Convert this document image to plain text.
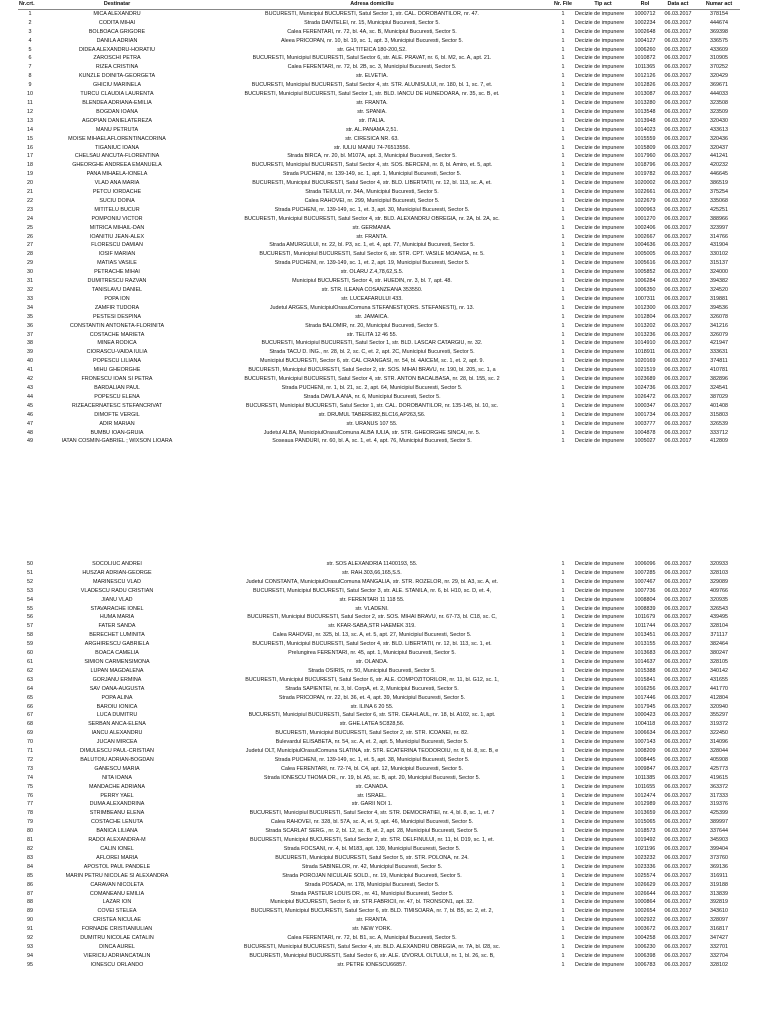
Nr.crt.	Destinatar	Adresa domiciliu	Nr. File	Tip act	Rol	Data act	Numar act
1	MICA ALEXANDRU	BUCURESTI, Municipiul BUCURESTI, Satul Sector 1, str. CAL. DOROBANTILOR, nr. 47.	1	Decizie de impunere	1000712	06.03.2017	378154
2	CODITA MIHAI	Strada DANTELEI, nr. 15, Municipiul Bucuresti, Sector 5.	1	Decizie de impunere	1002234	06.03.2017	444674
3	BOLBOACA GRIGORE	Calea FERENTARI, nr. 72, bl. 4A, sc. B, Municipiul Bucuresti, Sector 5.	1	Decizie de impunere	1002648	06.03.2017	369398
4	DANILA ADRIAN	Aleea PRICOPAN, nr. 10, bl. 19, sc. 1, apt. 3, Municipiul Bucuresti, Sector 5.	1	Decizie de impunere	1004127	06.03.2017	336575
5	DIDEA ALEXANDRU-HORATIU	str. GH.TITEICA 180-200,S2.	1	Decizie de impunere	1006260	06.03.2017	433609
6	ZAROSCHI PETRA	BUCURESTI, Municipiul BUCURESTI, Satul Sector 6, str. ALE. PRAVAT, nr. 6, bl. M2, sc. A, apt. 21.	1	Decizie de impunere	1010872	06.03.2017	310905
7	RIZEA CRISTINA	Calea FERENTARI, nr. 72, bl. 2B, sc. 3, Municipiul Bucuresti, Sector 5.	1	Decizie de impunere	1011365	06.03.2017	370252
8	KUNZLE DOINITA-GEORGETA	str. ELVETIA.	1	Decizie de impunere	1012126	06.03.2017	320429
9	GHICIU MARINELA	BUCURESTI, Municipiul BUCURESTI, Satul Sector 4, str. STR. ALUNISULUI, nr. 180, bl. 1, sc. 7, et.	1	Decizie de impunere	1012826	06.03.2017	369671
10	TURCU CLAUDIA LAURENTA	BUCURESTI, Municipiul BUCURESTI, Satul Sector 1, str. BLD. IANCU DE HUNEDOARA, nr. 35, sc. B, et.	1	Decizie de impunere	1013087	06.03.2017	444033
11	BLENDEA ADRIANA-EMILIA	str. FRANTA.	1	Decizie de impunere	1013280	06.03.2017	323508
12	BOGDAN IOANA	str. SPANIA.	1	Decizie de impunere	1013548	06.03.2017	323509
13	AGOPIAN DANIELATEREZA	str. ITALIA.	1	Decizie de impunere	1013948	06.03.2017	320430
14	MANU PETRUTA	str. AL.PANAMA 2,51.	1	Decizie de impunere	1014023	06.03.2017	433613
15	MOISE MIHAELAFLORENTINACORINA	str. CIRESICA NR. 63.	1	Decizie de impunere	1015559	06.03.2017	320436
16	TIGANIUC IOANA	str. IULIU MANIU 74-76513556.	1	Decizie de impunere	1015809	06.03.2017	320437
17	CHELSAU ANCUTA-FLORENTINA	Strada BIRCA, nr. 20, bl. M107A, apt. 3, Municipiul Bucuresti, Sector 5.	1	Decizie de impunere	1017960	06.03.2017	441241
18	GHEORGHE ANDREEA EMANUELA	BUCURESTI, Municipiul BUCURESTI, Satul Sector 4, str. SOS. BERCENI, nr. 8, bl. Amiro, et. 5, apt.	1	Decizie de impunere	1018796	06.03.2017	420232
19	PANA MIHAELA-IONELA	Strada PUCHENI, nr. 139-149, sc. 1, apt. 1, Municipiul Bucuresti, Sector 5.	1	Decizie de impunere	1019782	06.03.2017	446645
20	VLAD ANA MARIA	BUCURESTI, Municipiul BUCURESTI, Satul Sector 4, str. BLD. LIBERTATII, nr. 12, bl. 113, sc. A, et.	1	Decizie de impunere	1020002	06.03.2017	386519
21	PETCU IORDACHE	Strada TEIULUI, nr. 34A, Municipiul Bucuresti, Sector 5.	1	Decizie de impunere	1022661	06.03.2017	375254
22	SUCIU DOINA	Calea RAHOVEI, nr. 299, Municipiul Bucuresti, Sector 5.	1	Decizie de impunere	1022679	06.03.2017	335068
23	MITITELU BUCUR	Strada PUCHENI, nr. 139-149, sc. 1, et. 3, apt. 30, Municipiul Bucuresti, Sector 5.	1	Decizie de impunere	1000963	06.03.2017	425251
24	POMPONIU VICTOR	BUCURESTI, Municipiul BUCURESTI, Satul Sector 4, str. BLD. ALEXANDRU OBREGIA, nr. 2A, bl. 2A, sc.	1	Decizie de impunere	1001270	06.03.2017	388966
25	MITRICA MIHAIL-DAN	str. GERMANIA.	1	Decizie de impunere	1002406	06.03.2017	323997
26	IOANITIU JEAN-ALEX	str. FRANTA.	1	Decizie de impunere	1002667	06.03.2017	314766
27	FLORESCU DAMIAN	Strada AMURGULUI, nr. 22, bl. P3, sc. 1, et. 4, apt. 77, Municipiul Bucuresti, Sector 5.	1	Decizie de impunere	1004636	06.03.2017	431904
28	IOSIF MARIAN	BUCURESTI, Municipiul BUCURESTI, Satul Sector 6, str. STR. CPT. VASILE MOANGA, nr. 5.	1	Decizie de impunere	1005005	06.03.2017	330102
29	MATIAS VASILE	Strada PUCHENI, nr. 139-149, sc. 1, et. 2, apt. 19, Municipiul Bucuresti, Sector 5.	1	Decizie de impunere	1005616	06.03.2017	315137
30	PETRACHE MIHAI	str. OLARU Z.4,78,62,S.5.	1	Decizie de impunere	1005852	06.03.2017	324000
31	DUMITRESCU RAZVAN	Municipiul BUCURESTI, Sector 4, str. HUEDIN, nr. 3, bl. 7, apt. 48.	1	Decizie de impunere	1006284	06.03.2017	394382
32	TANISLAVU DANIEL	str. STR. ILEANA COSANZEANA 353550.	1	Decizie de impunere	1006350	06.03.2017	324520
33	POPA ION	str. LUCEAFARULUI 433.	1	Decizie de impunere	1007311	06.03.2017	319881
34	ZAMFIR TUDORA	Judetul ARGES, MunicipiulOrasulComuna STEFANESTI(ORS. STEFANESTI), nr. 13.	1	Decizie de impunere	1012300	06.03.2017	394536
35	PESTESI DESPINA	str. JAMAICA.	1	Decizie de impunere	1012804	06.03.2017	326078
36	CONSTANTIN ANTONETA-FLORINITA	Strada BALOMIR, nr. 20, Municipiul Bucuresti, Sector 5.	1	Decizie de impunere	1013202	06.03.2017	341216
37	COSTACHE MARIETA	str. TELITA 12 46 55.	1	Decizie de impunere	1013236	06.03.2017	326079
38	MINEA RODICA	BUCURESTI, Municipiul BUCURESTI, Satul Sector 1, str. BLD. LASCAR CATARGIU, nr. 32.	1	Decizie de impunere	1014910	06.03.2017	421947
39	CIORASCU-VAIDA IULIA	Strada TACU D. ING., nr. 28, bl. 2, sc. C, et. 2, apt. 2C, Municipiul Bucuresti, Sector 5.	1	Decizie de impunere	1018911	06.03.2017	333631
40	POPESCU LILIANA	Municipiul BUCURESTI, Sector 6, str. CAL CRANGASI, nr. 54, bl. 4AICEM, sc. 1, et. 2, apt. 9.	1	Decizie de impunere	1020169	06.03.2017	374811
41	MIHU GHEORGHE	BUCURESTI, Municipiul BUCURESTI, Satul Sector 2, str. SOS. MIHAI BRAVU, nr. 190, bl. 205, sc. 1, a	1	Decizie de impunere	1021519	06.03.2017	410781
42	FRONESCU IOAN SI PETRA	BUCURESTI, Municipiul BUCURESTI, Satul Sector 4, str. STR. ANTON BACALBASA, nr. 28, bl. 155, sc. 2	1	Decizie de impunere	1023689	06.03.2017	382896
43	BARDALIAN PAUL	Strada PUCHENI, nr. 1, bl. 21, sc. 2, apt. 64, Municipiul Bucuresti, Sector 5.	1	Decizie de impunere	1024736	06.03.2017	324541
44	POPESCU ELENA	Strada DAVILA ANA, nr. 6, Municipiul Bucuresti, Sector 5.	1	Decizie de impunere	1026472	06.03.2017	387029
45	RIZEACERNATESC STEFANCRIVAT	BUCURESTI, Municipiul BUCURESTI, Satul Sector 1, str. CAL. DOROBANTILOR, nr. 135-145, bl. 10, sc.	1	Decizie de impunere	1000347	06.03.2017	401408
46	DIMOFTE VERGIL	str. DRUMUL TABEREI82,BLC16,AP263,S6.	1	Decizie de impunere	1001734	06.03.2017	315803
47	ADIR MARIAN	str. URANUS 107 55.	1	Decizie de impunere	1003777	06.03.2017	326539
48	BUMBU IOAN-GRUIA	Judetul ALBA, MunicipiulOrasulComuna ALBA IULIA, str. STR. GHEORGHE SINCAI, nr. 5.	1	Decizie de impunere	1004878	06.03.2017	333712
49	IATAN COSMIN-GABRIEL ; WIXSON LIOARA	Soseaua PANDURI, nr. 60, bl. A, sc. 1, et. 4, apt. 76, Municipiul Bucuresti, Sector 5.	1	Decizie de impunere	1005027	06.03.2017	412809
50	SOCOLIUC ANDREI	str. SOS ALEXANDRIA 11400193, 55.	1	Decizie de impunere	1006096	06.03.2017	320933
51	HUSZAR ADRIAN-GEORGE	str. RAH.303,66,165,S.5.	1	Decizie de impunere	1007285	06.03.2017	328103
52	MARINESCU VLAD	Judetul CONSTANTA, MunicipiulOrasulComuna MANGALIA, str. STR. ROZELOR, nr. 29, bl. A3, sc. A, et.	1	Decizie de impunere	1007467	06.03.2017	329089
53	VLADESCU RADU CRISTIAN	BUCURESTI, Municipiul BUCURESTI, Satul Sector 3, str. ALE. STANILA, nr. 6, bl. H10, sc. D, et. 4,	1	Decizie de impunere	1007736	06.03.2017	409766
54	JIANU VLAD	str. FERENTARI 11 118 55.	1	Decizie de impunere	1008804	06.03.2017	320935
55	STAVARACHE IONEL	str. VLADENI.	1	Decizie de impunere	1008839	06.03.2017	326543
56	HUMA MARIA	BUCURESTI, Municipiul BUCURESTI, Satul Sector 2, str. SOS. MIHAI BRAVU, nr. 67-73, bl. C18, sc. C,	1	Decizie de impunere	1011679	06.03.2017	439495
57	FATER SANDA	str. KFAR-SABA,STR HAEMEK 319.	1	Decizie de impunere	1011744	06.03.2017	328104
58	BERECHET LUMINITA	Calea RAHOVEI, nr. 325, bl. 13, sc. A, et. 5, apt. 27, Municipiul Bucuresti, Sector 5.	1	Decizie de impunere	1013451	06.03.2017	371117
59	ARGHIRESCU GABRIELA	BUCURESTI, Municipiul BUCURESTI, Satul Sector 4, str. BLD. LIBERTATII, nr. 12, bl. 113, sc. 1, et.	1	Decizie de impunere	1013155	06.03.2017	382464
60	BOACA CAMELIA	Prelungirea FERENTARI, nr. 45, apt. 1, Municipiul Bucuresti, Sector 5.	1	Decizie de impunere	1013683	06.03.2017	380247
61	SIMION CARMENSIMONA	str. OLANDA.	1	Decizie de impunere	1014637	06.03.2017	328105
62	LUPAN MAGDALENA	Strada OSIRIS, nr. 50, Municipiul Bucuresti, Sector 5.	1	Decizie de impunere	1015388	06.03.2017	340142
63	GORJANU ERMINA	BUCURESTI, Municipiul BUCURESTI, Satul Sector 6, str. ALE. COMPOZITORILOR, nr. 11, bl. G12, sc. 1,	1	Decizie de impunere	1015841	06.03.2017	431655
64	SAV OANA-AUGUSTA	Strada SAPIENTEI, nr. 3, bl. CorpA, et. 2, Municipiul Bucuresti, Sector 5.	1	Decizie de impunere	1016256	06.03.2017	441770
65	POPA ALINA	Strada PRICOPAN, nr. 22, bl. 36, et. 4, apt. 39, Municipiul Bucuresti, Sector 5.	1	Decizie de impunere	1017446	06.03.2017	412804
66	BAROIU IONICA	str. ILINA 6 20 55.	1	Decizie de impunere	1017945	06.03.2017	320940
67	LUCA DUMITRU	BUCURESTI, Municipiul BUCURESTI, Satul Sector 6, str. STR. CEAHLAUL, nr. 18, bl. A102, sc. 1, apt.	1	Decizie de impunere	1000423	06.03.2017	355297
68	SERBAN ANCA-ELENA	str. GHE.LATEA 5C828,56.	1	Decizie de impunere	1004118	06.03.2017	319372
69	IANCU ALEXANDRU	BUCURESTI, Municipiul BUCURESTI, Satul Sector 2, str. STR. ICOANEI, nr. 82.	1	Decizie de impunere	1006634	06.03.2017	322450
70	JUCAN MIRCEA	Bulevardul ELISABETA, nr. 54, sc. A, et. 2, apt. 5, Municipiul Bucuresti, Sector 5.	1	Decizie de impunere	1007143	06.03.2017	314096
71	DIMULESCU PAUL-CRISTIAN	Judetul OLT, MunicipiulOrasulComuna SLATINA, str. STR. ECATERINA TEODOROIU, nr. 8, bl. 8, sc. B, e	1	Decizie de impunere	1008209	06.03.2017	328044
72	BALUTOIU ADRIAN-BOGDAN	Strada PUCHENI, nr. 139-149, sc. 1, et. 5, apt. 38, Municipiul Bucuresti, Sector 5.	1	Decizie de impunere	1008445	06.03.2017	405908
73	GANESCU MARIA	Calea FERENTARI, nr. 72-74, bl. C4, apt. 12, Municipiul Bucuresti, Sector 5.	1	Decizie de impunere	1009847	06.03.2017	425773
74	NITA IOANA	Strada IONESCU THOMA DR., nr. 19, bl. A5, sc. B, apt. 20, Municipiul Bucuresti, Sector 5.	1	Decizie de impunere	1011385	06.03.2017	419615
75	MANDACHE ADRIANA	str. CANADA.	1	Decizie de impunere	1011655	06.03.2017	363372
76	PERRY YAEL	str. ISRAEL.	1	Decizie de impunere	1012474	06.03.2017	317333
77	DUMA ALEXANDRINA	str. GARII NOI 1.	1	Decizie de impunere	1012989	06.03.2017	319376
78	STRIMBEANU ELENA	BUCURESTI, Municipiul BUCURESTI, Satul Sector 4, str. STR. DEMOCRATIEI, nr. 4, bl. 8, sc. 1, et. 7	1	Decizie de impunere	1013659	06.03.2017	425399
79	COSTACHE LENUTA	Calea RAHOVEI, nr. 328, bl. 57A, sc. A, et. 9, apt. 46, Municipiul Bucuresti, Sector 5.	1	Decizie de impunere	1015065	06.03.2017	389997
80	BANICA LILIANA	Strada SCARLAT SERG., nr. 2, bl. 12, sc. B, et. 2, apt. 28, Municipiul Bucuresti, Sector 5.	1	Decizie de impunere	1018573	06.03.2017	337644
81	RADOI ALEXANDRA-M	BUCURESTI, Municipiul BUCURESTI, Satul Sector 2, str. STR. DELFINULUI, nr. 11, bl. D19, sc. 1, et.	1	Decizie de impunere	1019492	06.03.2017	345903
82	CALIN IONEL	Strada FOCSANI, nr. 4, bl. M183, apt. 139, Municipiul Bucuresti, Sector 5.	1	Decizie de impunere	1021196	06.03.2017	399404
83	AFLOREI MARIA	BUCURESTI, Municipiul BUCURESTI, Satul Sector 5, str. STR. POLONA, nr. 24.	1	Decizie de impunere	1023232	06.03.2017	373760
84	APOSTOL PAUL PANDELE	Strada SABINELOR, nr. 42, Municipiul Bucuresti, Sector 5.	1	Decizie de impunere	1023336	06.03.2017	369136
85	MARIN PETRU NICOLAE SI ALEXANDRA	Strada POROJAN NICULAIE SOLD., nr. 19, Municipiul Bucuresti, Sector 5.	1	Decizie de impunere	1025574	06.03.2017	316911
86	CARAVAN NICOLETA	Strada POSADA, nr. 178, Municipiul Bucuresti, Sector 5.	1	Decizie de impunere	1026629	06.03.2017	319188
87	COMANEANU EMILIA	Strada PASTEUR LOUIS DR., nr. 41, Municipiul Bucuresti, Sector 5.	1	Decizie de impunere	1026644	06.03.2017	313839
88	LAZAR ION	Municipiul BUCURESTI, Sector 6, str. STR.FABRICII, nr. 47, bl. TRONSON1, apt. 32.	1	Decizie de impunere	1000864	06.03.2017	392819
89	COVEI STELEA	BUCURESTI, Municipiul BUCURESTI, Satul Sector 6, str. BLD. TIMISOARA, nr. 7, bl. B5, sc. 2, et. 2,	1	Decizie de impunere	1002654	06.03.2017	343610
90	CRISTEA NICULAE	str. FRANTA.	1	Decizie de impunere	1002922	06.03.2017	328097
91	FORNADE CRISTIANIULIAN	str. NEW YORK.	1	Decizie de impunere	1003672	06.03.2017	316817
92	DUMITRU NICOLAE CATALIN	Calea FERENTARI, nr. 72, bl. B1, sc. A, Municipiul Bucuresti, Sector 5.	1	Decizie de impunere	1004258	06.03.2017	347427
93	DINCA AUREL	BUCURESTI, Municipiul BUCURESTI, Satul Sector 4, str. BLD. ALEXANDRU OBREGIA, nr. 7A, bl. I28, sc.	1	Decizie de impunere	1006230	06.03.2017	332701
94	VIERICIU ADRIANCATALIN	BUCURESTI, Municipiul BUCURESTI, Satul Sector 6, str. ALE. IZVORUL OLTULUI, nr. 1, bl. 26, sc. B,	1	Decizie de impunere	1006398	06.03.2017	332704
95	IONESCU ORLANDO	str. PETRE IONESCU66857.	1	Decizie de impunere	1006783	06.03.2017	328102
